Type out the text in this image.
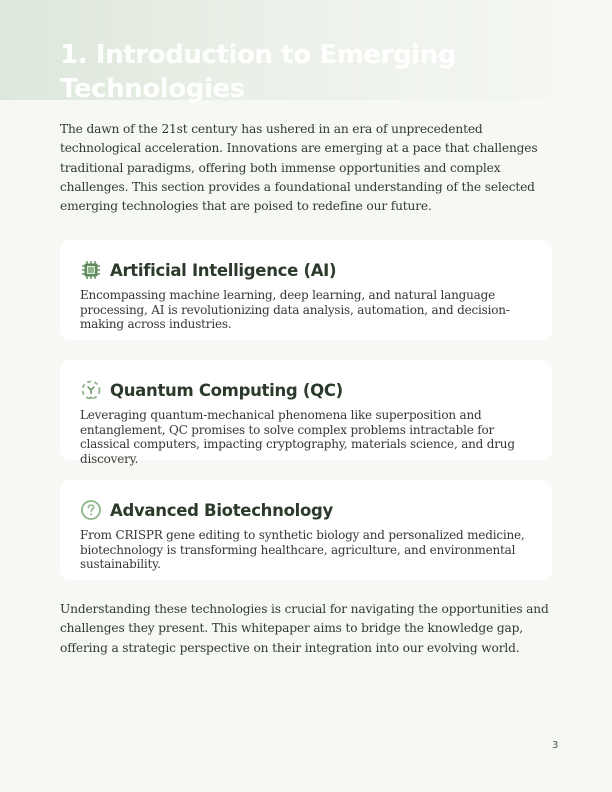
1. Introduction to Emerging Technologies

The dawn of the 21st century has ushered in an era of unprecedented technological acceleration. Innovations are emerging at a pace that challenges traditional paradigms, offering both immense opportunities and complex challenges. This section provides a foundational understanding of the selected emerging technologies that are poised to redefine our future.

Artificial Intelligence (AI)

Encompassing machine learning, deep learning, and natural language processing, AI is revolutionizing data analysis, automation, and decision-making across industries.

Quantum Computing (QC)

Leveraging quantum-mechanical phenomena like superposition and entanglement, QC promises to solve complex problems intractable for classical computers, impacting cryptography, materials science, and drug discovery.

Advanced Biotechnology

From CRISPR gene editing to synthetic biology and personalized medicine, biotechnology is transforming healthcare, agriculture, and environmental sustainability.

Understanding these technologies is crucial for navigating the opportunities and challenges they present. This whitepaper aims to bridge the knowledge gap, offering a strategic perspective on their integration into our evolving world.

3
